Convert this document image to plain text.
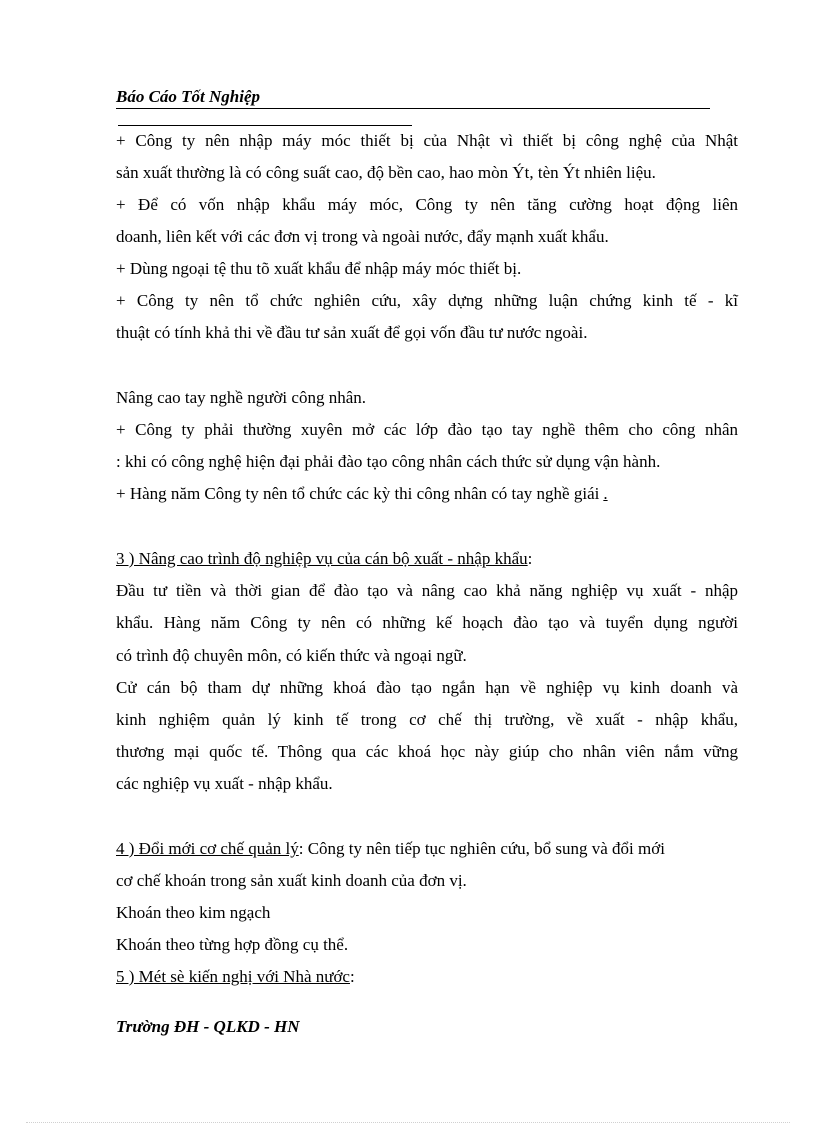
Báo Cáo Tốt Nghiệp
+ Công ty nên nhập máy móc thiết bị của Nhật vì thiết bị công nghệ của Nhật
sản xuất thường là có công suất cao, độ bền cao, hao mòn Ýt, tèn Ýt nhiên liệu.
+ Để có vốn nhập khẩu máy móc, Công ty nên tăng cường hoạt động liên
doanh, liên kết với các đơn vị trong và ngoài nước, đẩy mạnh xuất khẩu.
+ Dùng ngoại tệ thu tõ xuất khẩu để nhập máy móc thiết bị.
+ Công ty nên tổ chức nghiên cứu, xây dựng những luận chứng kinh tế - kĩ
thuật có tính khả thi về đầu tư sản xuất để gọi vốn đầu tư nước ngoài.
Nâng cao tay nghề người công nhân.
+ Công ty phải thường xuyên mở các lớp đào tạo tay nghề thêm cho công nhân
: khi có công nghệ hiện đại phải đào tạo công nhân cách thức sử dụng vận hành.
+ Hàng năm Công ty nên tổ chức các kỳ thi công nhân có tay nghề giái .
3 ) Nâng cao trình độ nghiệp vụ của cán bộ xuất - nhập khẩu:
Đầu tư tiền và thời gian để đào tạo và nâng cao khả năng nghiệp vụ xuất - nhập
khẩu. Hàng năm Công ty nên có những kế hoạch đào tạo và tuyển dụng người
có trình độ chuyên môn, có kiến thức và ngoại ngữ.
Cử cán bộ tham dự những khoá đào tạo ngắn hạn về nghiệp vụ kinh doanh và
kinh nghiệm quản lý kinh tế trong cơ chế thị trường, về xuất - nhập khẩu,
thương mại quốc tế. Thông qua các khoá học này giúp cho nhân viên nắm vững
các nghiệp vụ xuất - nhập khẩu.
4 ) Đổi mới cơ chế quản lý: Công ty nên tiếp tục nghiên cứu, bổ sung và đổi mới
cơ chế khoán trong sản xuất kinh doanh của đơn vị.
Khoán theo kim ngạch
Khoán theo từng hợp đồng cụ thể.
5 ) Mét sè kiến nghị với Nhà nước:
Trường ĐH - QLKD - HN
